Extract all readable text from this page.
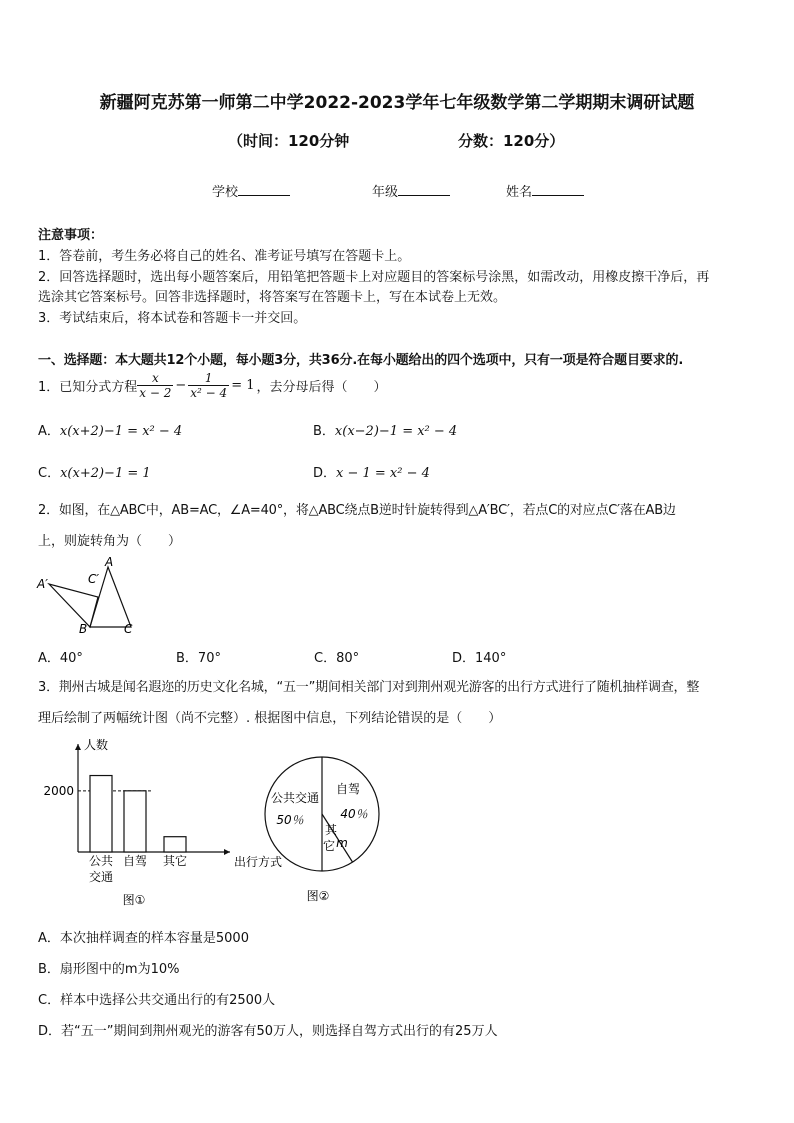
新疆阿克苏第一师第二中学2022-2023学年七年级数学第二学期期末调研试题
（时间：120分钟	分数：120分）
学校	年级	姓名
注意事项：
1．答卷前，考生务必将自己的姓名、准考证号填写在答题卡上。
2．回答选择题时，选出每小题答案后，用铅笔把答题卡上对应题目的答案标号涂黑，如需改动，用橡皮擦干净后，再
选涂其它答案标号。回答非选择题时，将答案写在答题卡上，写在本试卷上无效。
3．考试结束后，将本试卷和答题卡一并交回。
一、选择题：本大题共12个小题，每小题3分，共36分.在每小题给出的四个选项中，只有一项是符合题目要求的.
1．已知分式方程 $\frac{x}{x - 2} - \frac{1}{\text{x² − 4}} = 1$ ，去分母后得（　　）
A．x(x+2)−1 = x² − 4	B．x(x−2)−1 = x² − 4
C．x(x+2)−1 = 1	D．x − 1 = x² − 4
2．如图，在△ABC中，AB=AC，∠A=40°，将△ABC绕点B逆时针旋转得到△A′BC′，若点C的对应点C′落在AB边
上，则旋转角为（　　）
A
A′	C′
B	C
A．40°	B．70°	C．80°	D．140°
3．荆州古城是闻名遐迩的历史文化名城，“五一”期间相关部门对到荆州观光游客的出行方式进行了随机抽样调查，整
理后绘制了两幅统计图（尚不完整）. 根据图中信息，下列结论错误的是（　　）
人数
出行方式
2000
公共
交通
自驾 其它
图①
公共交通
50％
自驾
40％
其
它 m
图②
A．本次抽样调查的样本容量是5000
B．扇形图中的m为10%
C．样本中选择公共交通出行的有2500人
D．若“五一”期间到荆州观光的游客有50万人，则选择自驾方式出行的有25万人
